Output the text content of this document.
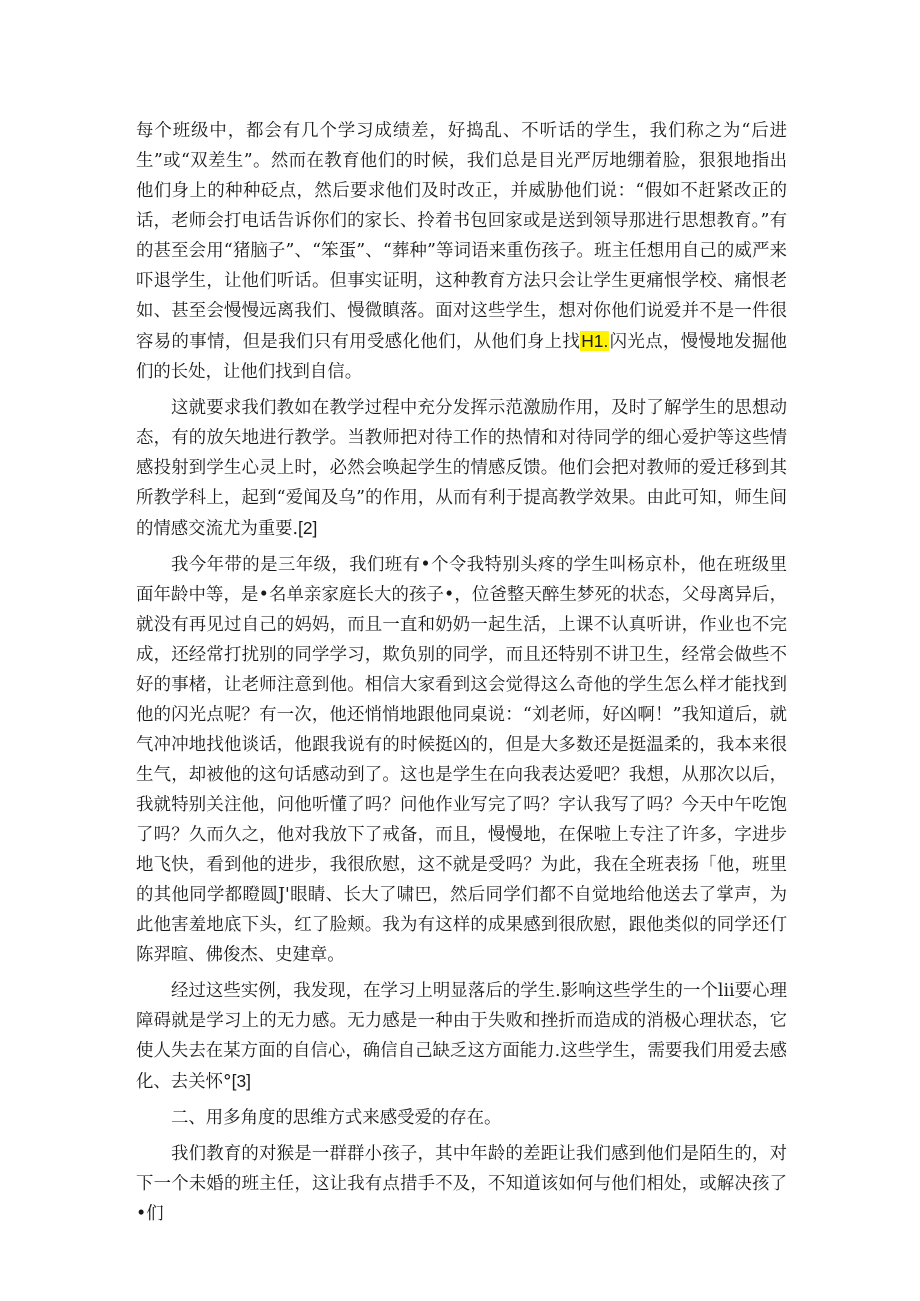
每个班级中，都会有几个学习成绩差，好捣乱、不听话的学生，我们称之为“后进生”或“双差生”。然而在教育他们的时候，我们总是目光严厉地绷着脸，狠狠地指出他们身上的种种砭点，然后要求他们及时改正，并威胁他们说：“假如不赶紧改正的话，老师会打电话告诉你们的家长、拎着书包回家或是送到领导那进行思想教育。”有的甚至会用“猪脑子”、“笨蛋”、“葬种”等词语来重伤孩子。班主任想用自己的威严来吓退学生，让他们听话。但事实证明，这种教育方法只会让学生更痛恨学校、痛恨老如、甚至会慢慢远离我们、慢微瞋落。面对这些学生，想对你他们说爱并不是一件很容易的事情，但是我们只有用受感化他们，从他们身上找H1.闪光点，慢慢地发掘他们的长处，让他们找到自信。

这就要求我们教如在教学过程中充分发挥示范激励作用，及时了解学生的思想动态，有的放矢地进行教学。当教师把对待工作的热情和对待同学的细心爱护等这些情感投射到学生心灵上时，必然会唤起学生的情感反馈。他们会把对教师的爱迁移到其所教学科上，起到“爱闻及乌”的作用，从而有利于提高教学效果。由此可知，师生间的情感交流尤为重要.[2]

我今年带的是三年级，我们班有•个令我特别头疼的学生叫杨京朴，他在班级里面年龄中等，是•名单亲家庭长大的孩子•，位爸整天醉生梦死的状态，父母离异后，就没有再见过自己的妈妈，而且一直和奶奶一起生活，上课不认真听讲，作业也不完成，还经常打扰别的同学学习，欺负别的同学，而且还特别不讲卫生，经常会做些不好的事楮，让老师注意到他。相信大家看到这会觉得这么奇他的学生怎么样才能找到他的闪光点呢？有一次，他还悄悄地跟他同桌说：“刘老师，好凶啊！”我知道后，就气冲冲地找他谈话，他跟我说有的时候挺凶的，但是大多数还是挺温柔的，我本来很生气，却被他的这句话感动到了。这也是学生在向我表达爱吧？我想，从那次以后，我就特别关注他，问他听懂了吗？问他作业写完了吗？字认我写了吗？今天中午吃饱了吗？久而久之，他对我放下了戒备，而且，慢慢地，在保啦上专注了许多，字进步地飞快，看到他的进步，我很欣慰，这不就是受吗？为此，我在全班表扬「他，班里的其他同学都瞪圆J'眼睛、长大了啸巴，然后同学们都不自觉地给他送去了掌声，为此他害羞地底下头，红了脸颊。我为有这样的成果感到很欣慰，跟他类似的同学还仃陈羿暄、佛俊杰、史建章。

经过这些实例，我发现，在学习上明显落后的学生.影响这些学生的一个lii要心理障碍就是学习上的无力感。无力感是一种由于失败和挫折而造成的消极心理状态，它使人失去在某方面的自信心，确信自己缺乏这方面能力.这些学生，需要我们用爱去感化、去关怀°[3]

二、用多角度的思维方式来感受爱的存在。

我们教育的对猴是一群群小孩子，其中年龄的差距让我们感到他们是陌生的，对下一个未婚的班主任，这让我有点措手不及，不知道该如何与他们相处，或解决孩了•们
